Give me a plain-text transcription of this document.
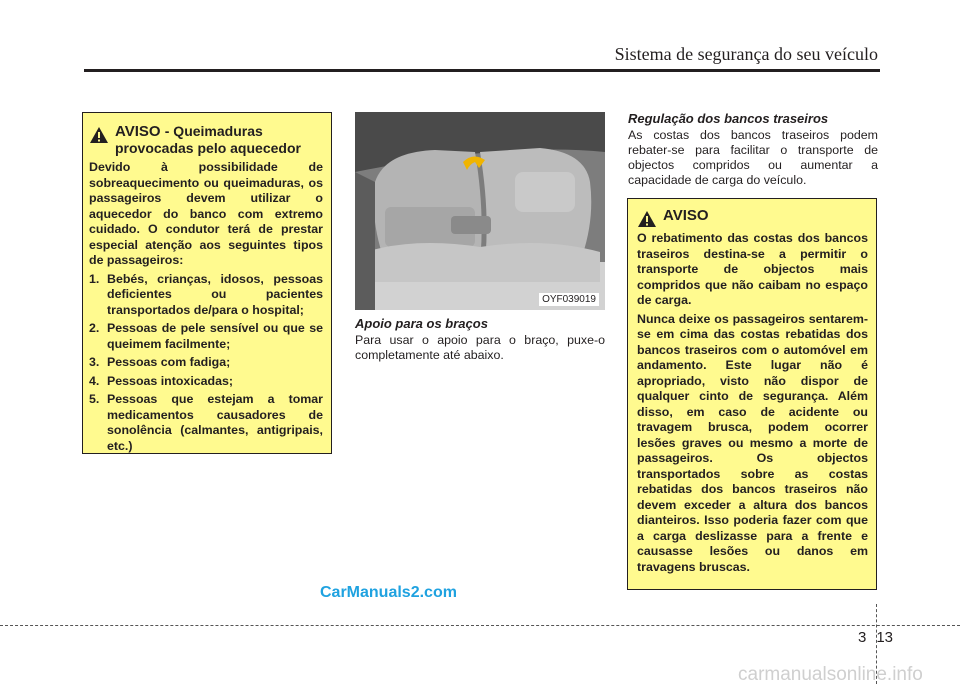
Sistema de segurança do seu veículo
AVISO - Queimaduras
provocadas pelo aquecedor
Devido à possibilidade de sobreaquecimento ou queimaduras, os passageiros devem utilizar o aquecedor do banco com extremo cuidado. O condutor terá de prestar especial atenção aos seguintes tipos de passageiros:
1. Bebés, crianças, idosos, pessoas deficientes ou pacientes transportados de/para o hospital;
2. Pessoas de pele sensível ou que se queimem facilmente;
3. Pessoas com fadiga;
4. Pessoas intoxicadas;
5. Pessoas que estejam a tomar medicamentos causadores de sonolência (calmantes, antigripais, etc.)
OYF039019
Apoio para os braços
Para usar o apoio para o braço, puxe-o completamente até abaixo.
Regulação dos bancos traseiros
As costas dos bancos traseiros podem rebater-se para facilitar o transporte de objectos compridos ou aumentar a capacidade de carga do veículo.
AVISO
O rebatimento das costas dos bancos traseiros destina-se a permitir o transporte de objectos mais compridos que não caibam no espaço de carga.
Nunca deixe os passageiros sentarem-se em cima das costas rebatidas dos bancos traseiros com o automóvel em andamento. Este lugar não é apropriado, visto não dispor de qualquer cinto de segurança. Além disso, em caso de acidente ou travagem brusca, podem ocorrer lesões graves ou mesmo a morte de passageiros. Os objectos transportados sobre as costas rebatidas dos bancos traseiros não devem exceder a altura dos bancos dianteiros. Isso poderia fazer com que a carga deslizasse para a frente e causasse lesões ou danos em travagens bruscas.
CarManuals2.com
3 13
carmanualsonline.info
